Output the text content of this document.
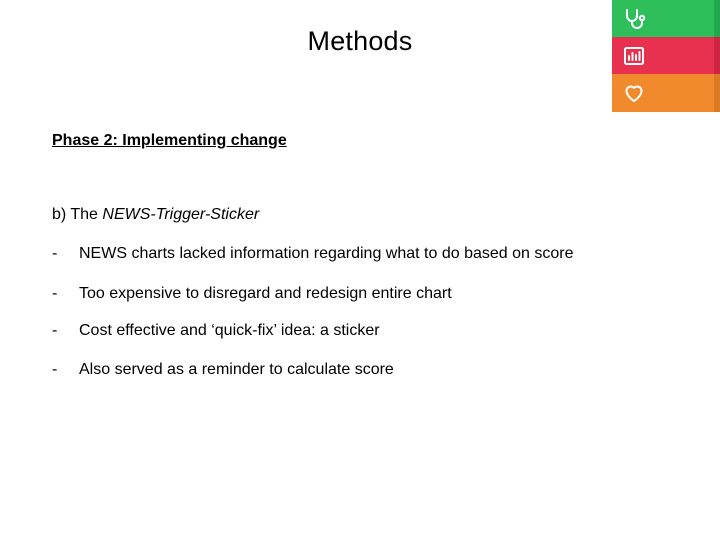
Methods
Phase 2: Implementing change
b) The NEWS-Trigger-Sticker
- NEWS charts lacked information regarding what to do based on score
- Too expensive to disregard and redesign entire chart
- Cost effective and ‘quick-fix’ idea: a sticker
- Also served as a reminder to calculate score
